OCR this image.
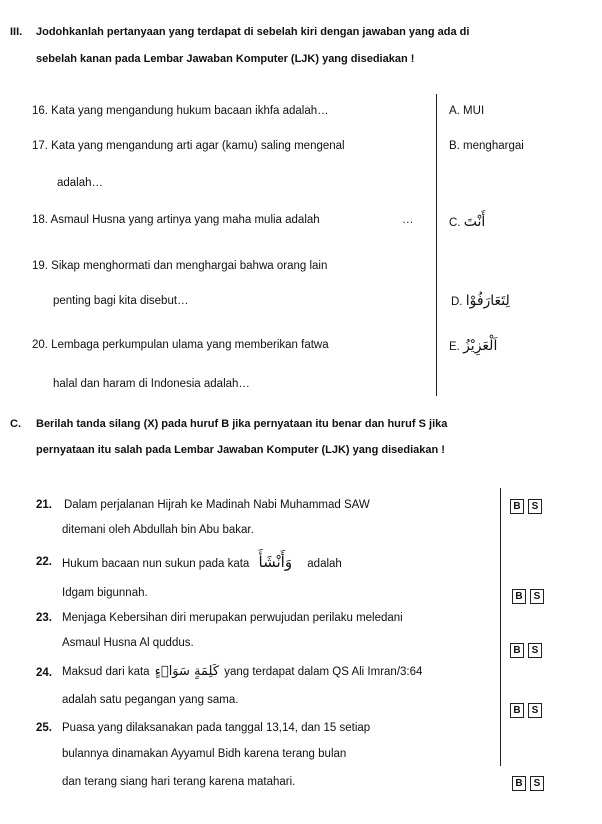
III. Jodohkanlah pertanyaan yang terdapat di sebelah kiri dengan jawaban yang ada di
sebelah kanan pada Lembar Jawaban Komputer (LJK) yang disediakan !
16. Kata yang mengandung hukum bacaan ikhfa adalah…
17. Kata yang mengandung arti agar (kamu) saling mengenal
adalah…
18. Asmaul Husna yang artinya yang maha mulia adalah	…
19. Sikap menghormati dan menghargai bahwa orang lain
penting bagi kita disebut…
20. Lembaga perkumpulan ulama yang memberikan fatwa
halal dan haram di Indonesia adalah…
A. MUI
B. menghargai
C. أَنْتَ
D. لِتَعَارَفُوْا
E. اَلْعَزِيْزُ
C. Berilah tanda silang (X) pada huruf B jika pernyataan itu benar dan huruf S jika
pernyataan itu salah pada Lembar Jawaban Komputer (LJK) yang disediakan !
21. Dalam perjalanan Hijrah ke Madinah Nabi Muhammad SAW
ditemani oleh Abdullah bin Abu bakar.
22. Hukum bacaan nun sukun pada kata وَأَنْشَأَ adalah
Idgam bigunnah.
23. Menjaga Kebersihan diri merupakan perwujudan perilaku meledani
Asmaul Husna Al quddus.
24. Maksud dari kata كَلِمَةٍ سَوَاۤءٍ yang terdapat dalam QS Ali Imran/3:64
adalah satu pegangan yang sama.
25. Puasa yang dilaksanakan pada tanggal 13,14, dan 15 setiap
bulannya dinamakan Ayyamul Bidh karena terang bulan
dan terang siang hari terang karena matahari.
B	S
B	S
B	S
B	S
B	S
